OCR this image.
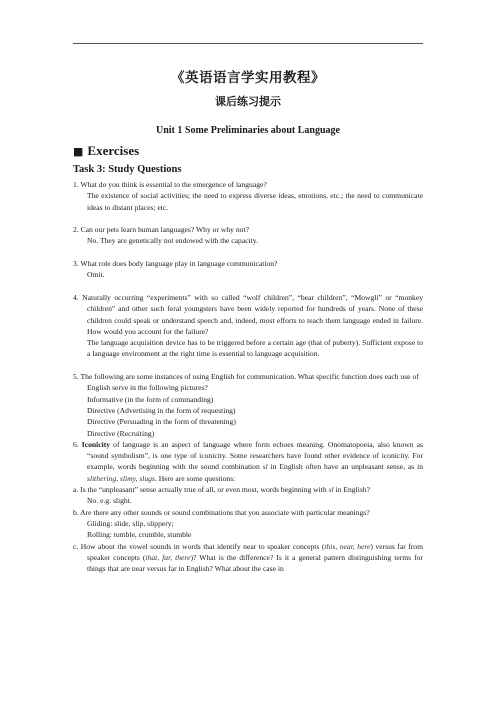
《英语语言学实用教程》
课后练习提示
Unit 1 Some Preliminaries about Language
■ Exercises
Task 3: Study Questions

1. What do you think is essential to the emergence of language?

The existence of social activities; the need to express diverse ideas, emotions, etc.; the need to communicate ideas to distant places; etc.

2. Can our pets learn human languages? Why or why not?

No. They are genetically not endowed with the capacity.

3. What role does body language play in language communication?

Omit.

4. Naturally occurring “experiments” with so called “wolf children”, “bear children”, “Mowgli” or “monkey children” and other such feral youngsters have been widely reported for hundreds of years. None of these children could speak or understand speech and, indeed, most efforts to teach them language ended in failure. How would you account for the failure?

The language acquisition device has to be triggered before a certain age (that of puberty). Sufficient expose to a language environment at the right time is essential to language acquisition.

5. The following are some instances of using English for communication. What specific function does each use of English serve in the following pictures?

Informative (in the form of commanding)

Directive (Advertising in the form of requesting)

Directive (Persuading in the form of threatening)

Directive (Recruiting)

6. Iconicity of language is an aspect of language where form echoes meaning. Onomatopoeia, also known as “sound symbolism”, is one type of iconicity. Some researchers have found other evidence of iconicity. For example, words beginning with the sound combination sl in English often have an unpleasant sense, as in slithering, slimy, slugs. Here are some questions:

a. Is the “unpleasant” sense actually true of all, or even most, words beginning with sl in English?

No. e.g. slight.

b. Are there any other sounds or sound combinations that you associate with particular meanings?

Gliding: slide, slip, slippery;

Rolling: tumble, crumble, stumble

c. How about the vowel sounds in words that identify near to speaker concepts (this, near, here) versus far from speaker concepts (that, far, there)? What is the difference? Is it a general pattern distinguishing terms for things that are near versus far in English? What about the case in
